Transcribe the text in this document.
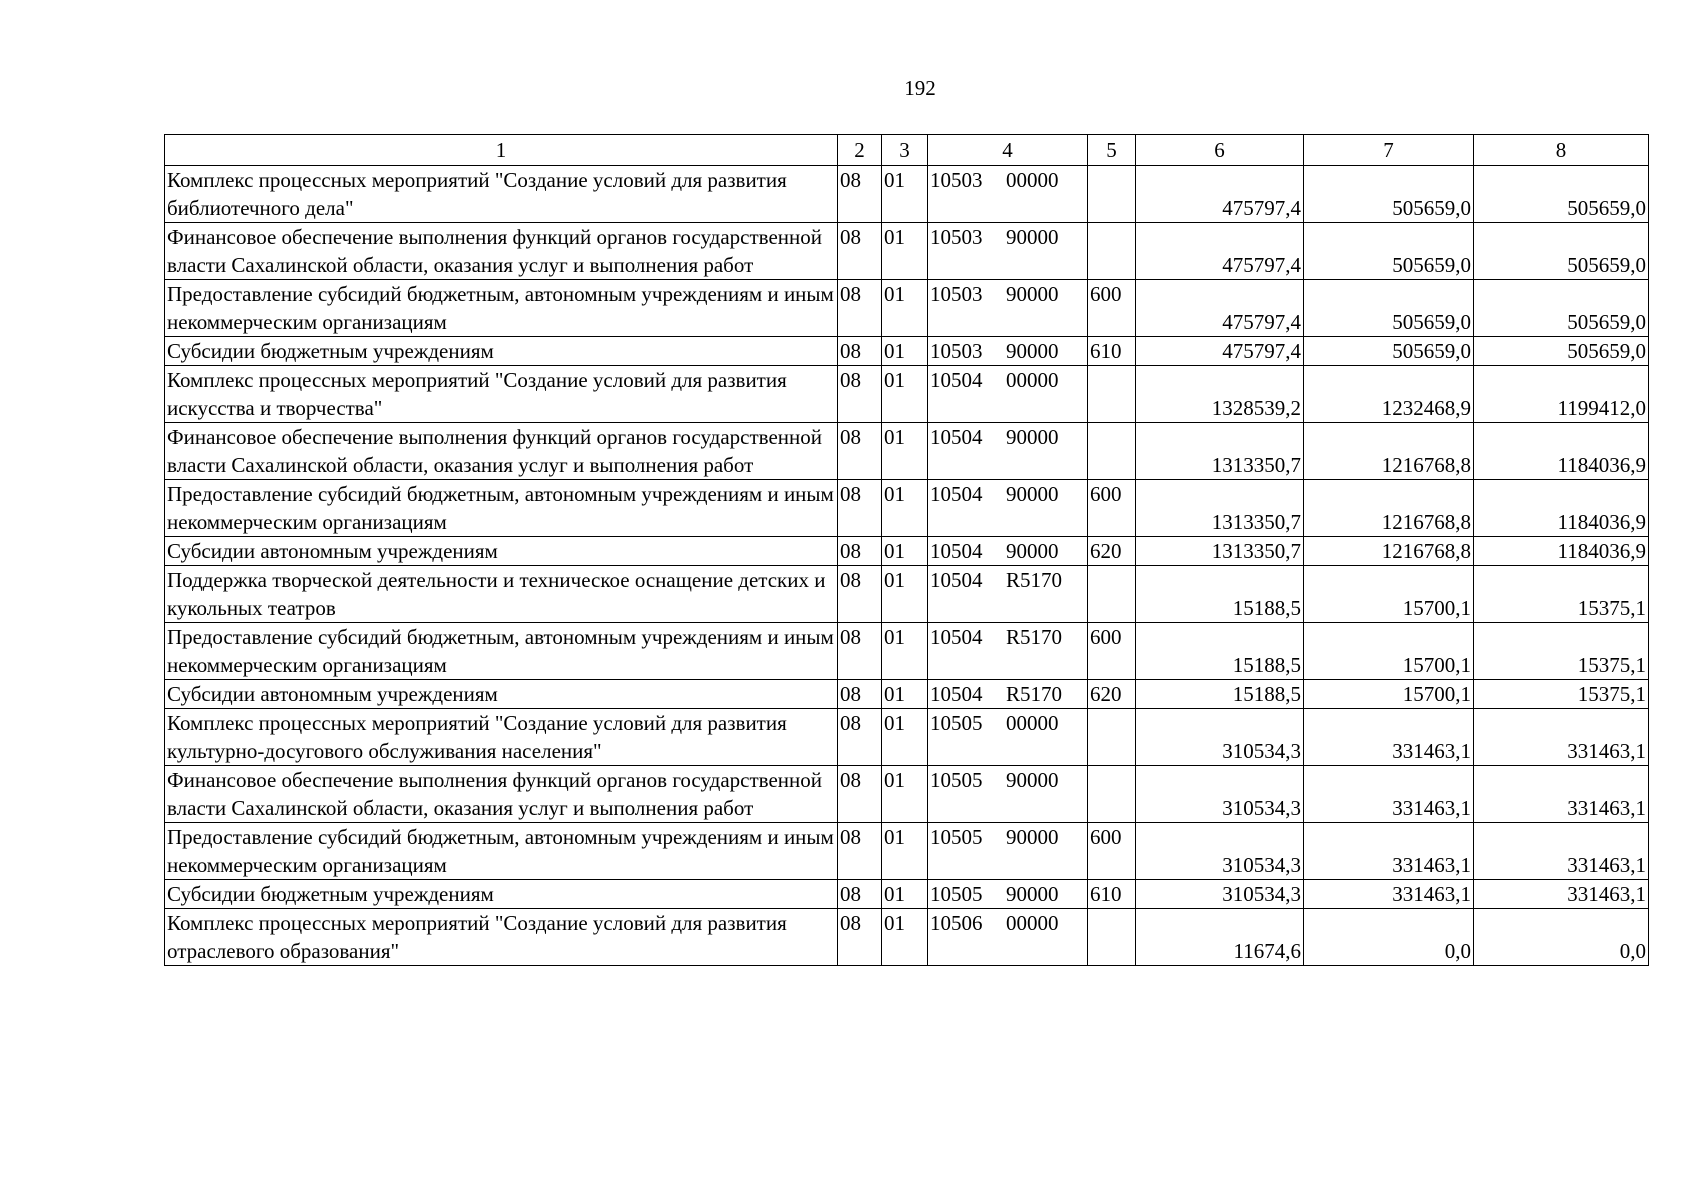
192
1	2	3	4	5	6	7	8
Комплекс процессных мероприятий "Создание условий для развития библиотечного дела"	08	01	10503 00000		475797,4	505659,0	505659,0
Финансовое обеспечение выполнения функций органов государственной власти Сахалинской области, оказания услуг и выполнения работ	08	01	10503 90000		475797,4	505659,0	505659,0
Предоставление субсидий бюджетным, автономным учреждениям и иным некоммерческим организациям	08	01	10503 90000	600	475797,4	505659,0	505659,0
Субсидии бюджетным учреждениям	08	01	10503 90000	610	475797,4	505659,0	505659,0
Комплекс процессных мероприятий "Создание условий для развития искусства и творчества"	08	01	10504 00000		1328539,2	1232468,9	1199412,0
Финансовое обеспечение выполнения функций органов государственной власти Сахалинской области, оказания услуг и выполнения работ	08	01	10504 90000		1313350,7	1216768,8	1184036,9
Предоставление субсидий бюджетным, автономным учреждениям и иным некоммерческим организациям	08	01	10504 90000	600	1313350,7	1216768,8	1184036,9
Субсидии автономным учреждениям	08	01	10504 90000	620	1313350,7	1216768,8	1184036,9
Поддержка творческой деятельности и техническое оснащение детских и кукольных театров	08	01	10504 R5170		15188,5	15700,1	15375,1
Предоставление субсидий бюджетным, автономным учреждениям и иным некоммерческим организациям	08	01	10504 R5170	600	15188,5	15700,1	15375,1
Субсидии автономным учреждениям	08	01	10504 R5170	620	15188,5	15700,1	15375,1
Комплекс процессных мероприятий "Создание условий для развития культурно-досугового обслуживания населения"	08	01	10505 00000		310534,3	331463,1	331463,1
Финансовое обеспечение выполнения функций органов государственной власти Сахалинской области, оказания услуг и выполнения работ	08	01	10505 90000		310534,3	331463,1	331463,1
Предоставление субсидий бюджетным, автономным учреждениям и иным некоммерческим организациям	08	01	10505 90000	600	310534,3	331463,1	331463,1
Субсидии бюджетным учреждениям	08	01	10505 90000	610	310534,3	331463,1	331463,1
Комплекс процессных мероприятий "Создание условий для развития отраслевого образования"	08	01	10506 00000		11674,6	0,0	0,0
